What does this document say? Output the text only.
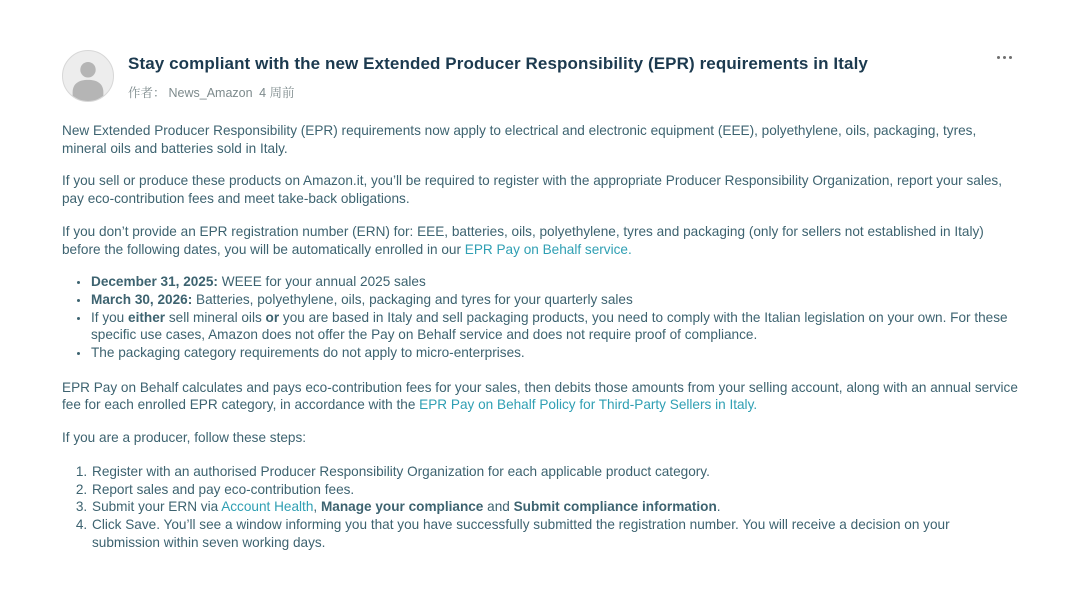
Stay compliant with the new Extended Producer Responsibility (EPR) requirements in Italy
作者： News_Amazon 4 周前

New Extended Producer Responsibility (EPR) requirements now apply to electrical and electronic equipment (EEE), polyethylene, oils, packaging, tyres, mineral oils and batteries sold in Italy.

If you sell or produce these products on Amazon.it, you’ll be required to register with the appropriate Producer Responsibility Organization, report your sales, pay eco-contribution fees and meet take-back obligations.

If you don’t provide an EPR registration number (ERN) for: EEE, batteries, oils, polyethylene, tyres and packaging (only for sellers not established in Italy) before the following dates, you will be automatically enrolled in our EPR Pay on Behalf service.

• December 31, 2025: WEEE for your annual 2025 sales
• March 30, 2026: Batteries, polyethylene, oils, packaging and tyres for your quarterly sales
• If you either sell mineral oils or you are based in Italy and sell packaging products, you need to comply with the Italian legislation on your own. For these specific use cases, Amazon does not offer the Pay on Behalf service and does not require proof of compliance.
• The packaging category requirements do not apply to micro-enterprises.

EPR Pay on Behalf calculates and pays eco-contribution fees for your sales, then debits those amounts from your selling account, along with an annual service fee for each enrolled EPR category, in accordance with the EPR Pay on Behalf Policy for Third-Party Sellers in Italy.

If you are a producer, follow these steps:

1. Register with an authorised Producer Responsibility Organization for each applicable product category.
2. Report sales and pay eco-contribution fees.
3. Submit your ERN via Account Health, Manage your compliance and Submit compliance information.
4. Click Save. You’ll see a window informing you that you have successfully submitted the registration number. You will receive a decision on your submission within seven working days.
